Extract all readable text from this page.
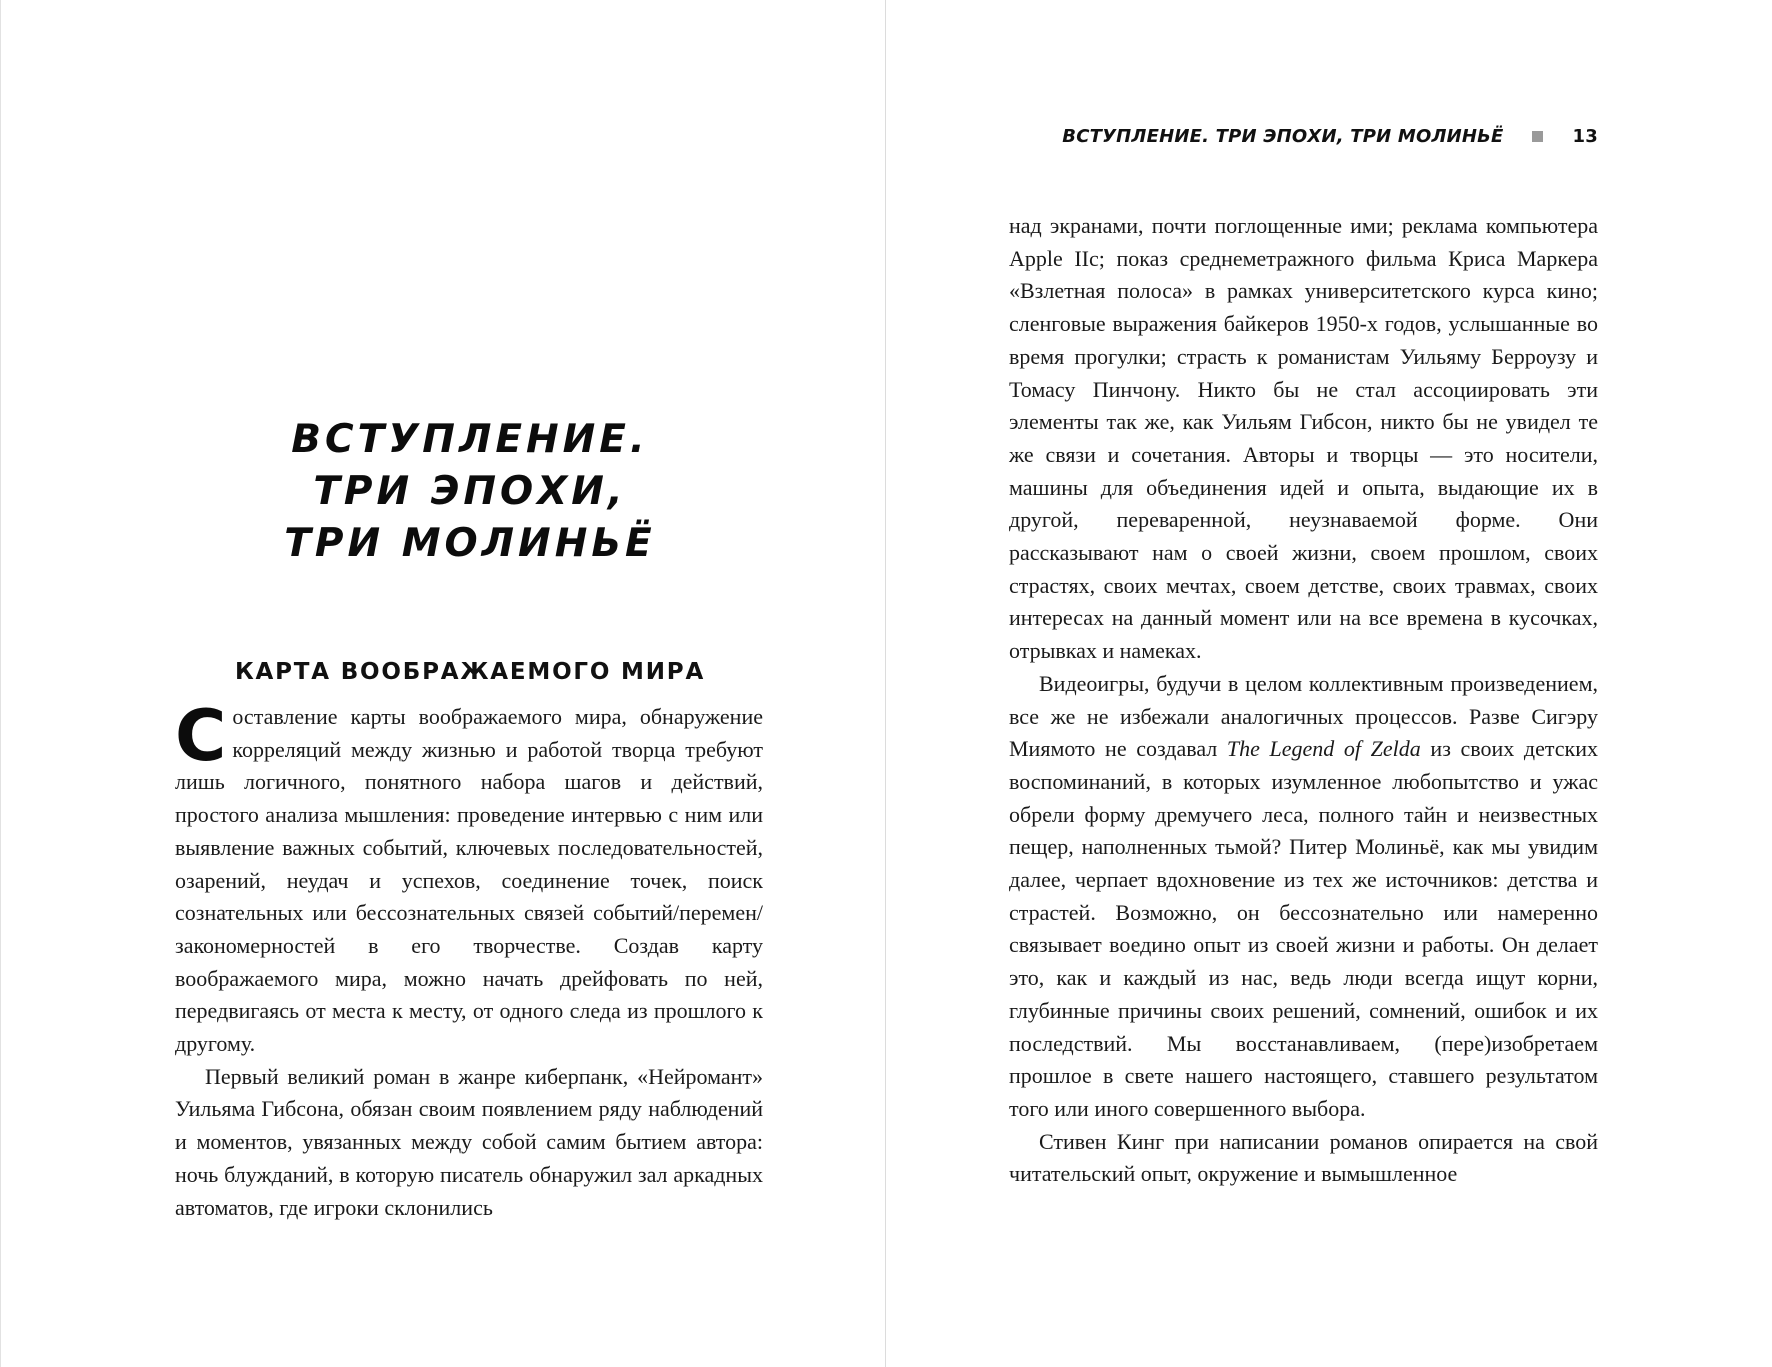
ВСТУПЛЕНИЕ.
ТРИ ЭПОХИ,
ТРИ МОЛИНЬЁ
КАРТА ВООБРАЖАЕМОГО МИРА

Составление карты воображаемого мира, обнаружение корреляций между жизнью и работой творца требуют лишь логичного, понятного набора шагов и действий, простого анализа мышления: проведение интервью с ним или выявление важных событий, ключевых последовательностей, озарений, неудач и успехов, соединение точек, поиск сознательных или бессознательных связей событий/перемен/закономерностей в его творчестве. Создав карту воображаемого мира, можно начать дрейфовать по ней, передвигаясь от места к месту, от одного следа из прошлого к другому.

Первый великий роман в жанре киберпанк, «Нейромант» Уильяма Гибсона, обязан своим появлением ряду наблюдений и моментов, увязанных между собой самим бытием автора: ночь блужданий, в которую писатель обнаружил зал аркадных автоматов, где игроки склонились

ВСТУПЛЕНИЕ. ТРИ ЭПОХИ, ТРИ МОЛИНЬЁ	13

над экранами, почти поглощенные ими; реклама компьютера Apple IIc; показ среднеметражного фильма Криса Маркера «Взлетная полоса» в рамках университетского курса кино; сленговые выражения байкеров 1950-х годов, услышанные во время прогулки; страсть к романистам Уильяму Берроузу и Томасу Пинчону. Никто бы не стал ассоциировать эти элементы так же, как Уильям Гибсон, никто бы не увидел те же связи и сочетания. Авторы и творцы — это носители, машины для объединения идей и опыта, выдающие их в другой, переваренной, неузнаваемой форме. Они рассказывают нам о своей жизни, своем прошлом, своих страстях, своих мечтах, своем детстве, своих травмах, своих интересах на данный момент или на все времена в кусочках, отрывках и намеках.

Видеоигры, будучи в целом коллективным произведением, все же не избежали аналогичных процессов. Разве Сигэру Миямото не создавал The Legend of Zelda из своих детских воспоминаний, в которых изумленное любопытство и ужас обрели форму дремучего леса, полного тайн и неизвестных пещер, наполненных тьмой? Питер Молиньё, как мы увидим далее, черпает вдохновение из тех же источников: детства и страстей. Возможно, он бессознательно или намеренно связывает воедино опыт из своей жизни и работы. Он делает это, как и каждый из нас, ведь люди всегда ищут корни, глубинные причины своих решений, сомнений, ошибок и их последствий. Мы восстанавливаем, (пере)изобретаем прошлое в свете нашего настоящего, ставшего результатом того или иного совершенного выбора.

Стивен Кинг при написании романов опирается на свой читательский опыт, окружение и вымышленное
